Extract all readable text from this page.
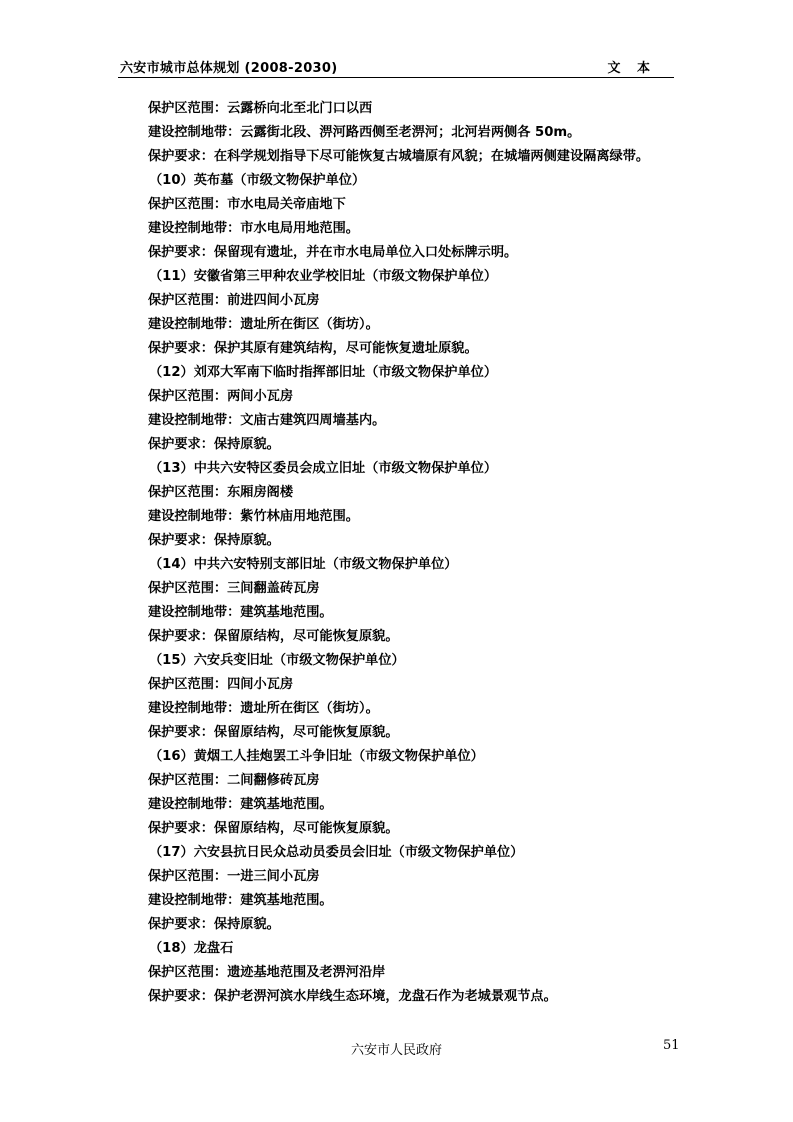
六安市城市总体规划 (2008-2030)	文 本
保护区范围：云露桥向北至北门口以西
建设控制地带：云露街北段、淠河路西侧至老淠河；北河岩两侧各 50m。
保护要求：在科学规划指导下尽可能恢复古城墙原有风貌；在城墙两侧建设隔离绿带。
（10）英布墓（市级文物保护单位）
保护区范围：市水电局关帝庙地下
建设控制地带：市水电局用地范围。
保护要求：保留现有遗址，并在市水电局单位入口处标牌示明。
（11）安徽省第三甲种农业学校旧址（市级文物保护单位）
保护区范围：前进四间小瓦房
建设控制地带：遗址所在街区（街坊）。
保护要求：保护其原有建筑结构，尽可能恢复遗址原貌。
（12）刘邓大军南下临时指挥部旧址（市级文物保护单位）
保护区范围：两间小瓦房
建设控制地带：文庙古建筑四周墙基内。
保护要求：保持原貌。
（13）中共六安特区委员会成立旧址（市级文物保护单位）
保护区范围：东厢房阁楼
建设控制地带：紫竹林庙用地范围。
保护要求：保持原貌。
（14）中共六安特别支部旧址（市级文物保护单位）
保护区范围：三间翻盖砖瓦房
建设控制地带：建筑基地范围。
保护要求：保留原结构，尽可能恢复原貌。
（15）六安兵变旧址（市级文物保护单位）
保护区范围：四间小瓦房
建设控制地带：遗址所在街区（街坊）。
保护要求：保留原结构，尽可能恢复原貌。
（16）黄烟工人挂炮罢工斗争旧址（市级文物保护单位）
保护区范围：二间翻修砖瓦房
建设控制地带：建筑基地范围。
保护要求：保留原结构，尽可能恢复原貌。
（17）六安县抗日民众总动员委员会旧址（市级文物保护单位）
保护区范围：一进三间小瓦房
建设控制地带：建筑基地范围。
保护要求：保持原貌。
（18）龙盘石
保护区范围：遗迹基地范围及老淠河沿岸
保护要求：保护老淠河滨水岸线生态环境，龙盘石作为老城景观节点。
六安市人民政府	51
